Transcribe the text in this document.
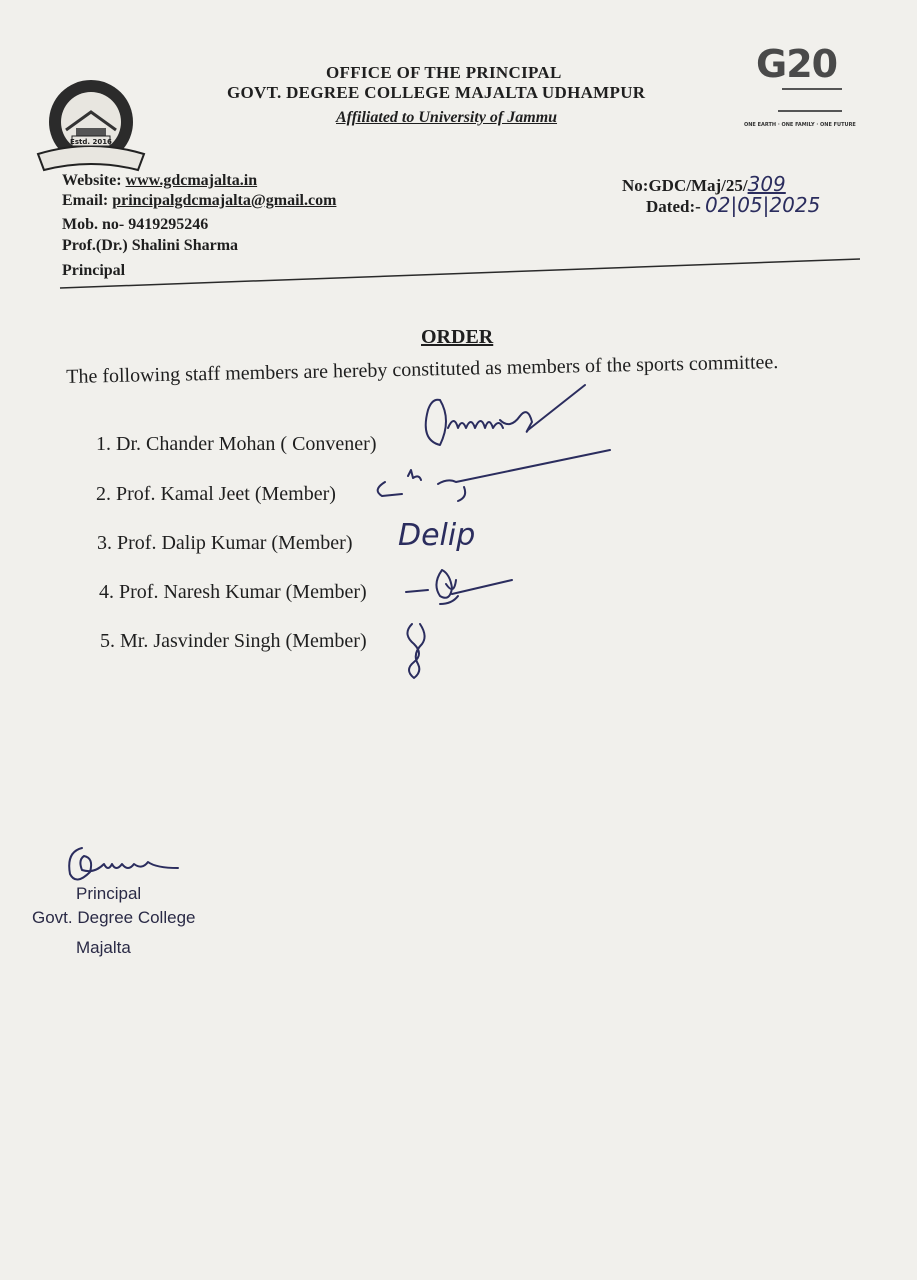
Estd. 2016
G20
ONE EARTH · ONE FAMILY · ONE FUTURE
OFFICE OF THE PRINCIPAL
GOVT. DEGREE COLLEGE MAJALTA UDHAMPUR
Affiliated to University of Jammu
Website: www.gdcmajalta.in
Email: principalgdcmajalta@gmail.com
Mob. no- 9419295246
Prof.(Dr.) Shalini Sharma
Principal
No:GDC/Maj/25/309
Dated:- 02|05|2025
ORDER
The following staff members are hereby constituted as members of the sports committee.
1. Dr. Chander Mohan ( Convener)
2. Prof. Kamal Jeet (Member)
3. Prof. Dalip Kumar (Member)
4. Prof. Naresh Kumar (Member)
5. Mr. Jasvinder Singh (Member)
Delip
Principal
Govt. Degree College
Majalta
